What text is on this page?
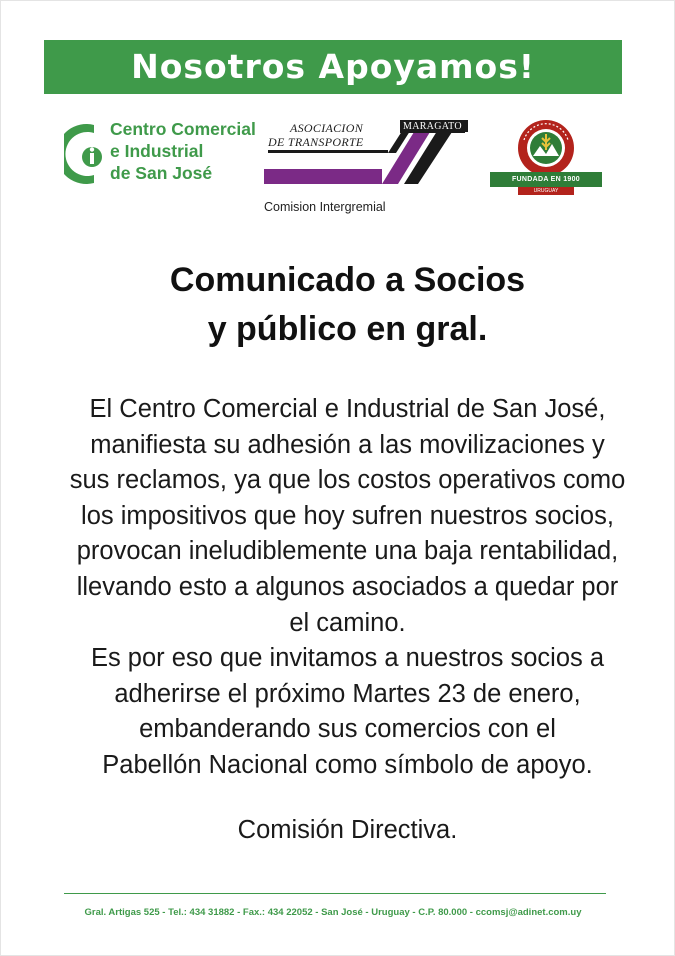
Nosotros Apoyamos!
Centro Comercial
e Industrial
de San José
ASOCIACION
DE TRANSPORTE
MARAGATO
Comision Intergremial
FUNDADA EN 1900
URUGUAY
Comunicado a Socios
y público en gral.
El Centro Comercial e Industrial de San José,
manifiesta su adhesión a las movilizaciones y
sus reclamos, ya que los costos operativos como
los impositivos que hoy sufren nuestros socios,
provocan ineludiblemente una baja rentabilidad,
llevando esto a algunos asociados a quedar por
el camino.
Es por eso que invitamos a nuestros socios a
adherirse el próximo Martes 23 de enero,
embanderando sus comercios con el
Pabellón Nacional como símbolo de apoyo.
Comisión Directiva.
Gral. Artigas 525 - Tel.: 434 31882 - Fax.: 434 22052 - San José - Uruguay - C.P. 80.000 - ccomsj@adinet.com.uy
